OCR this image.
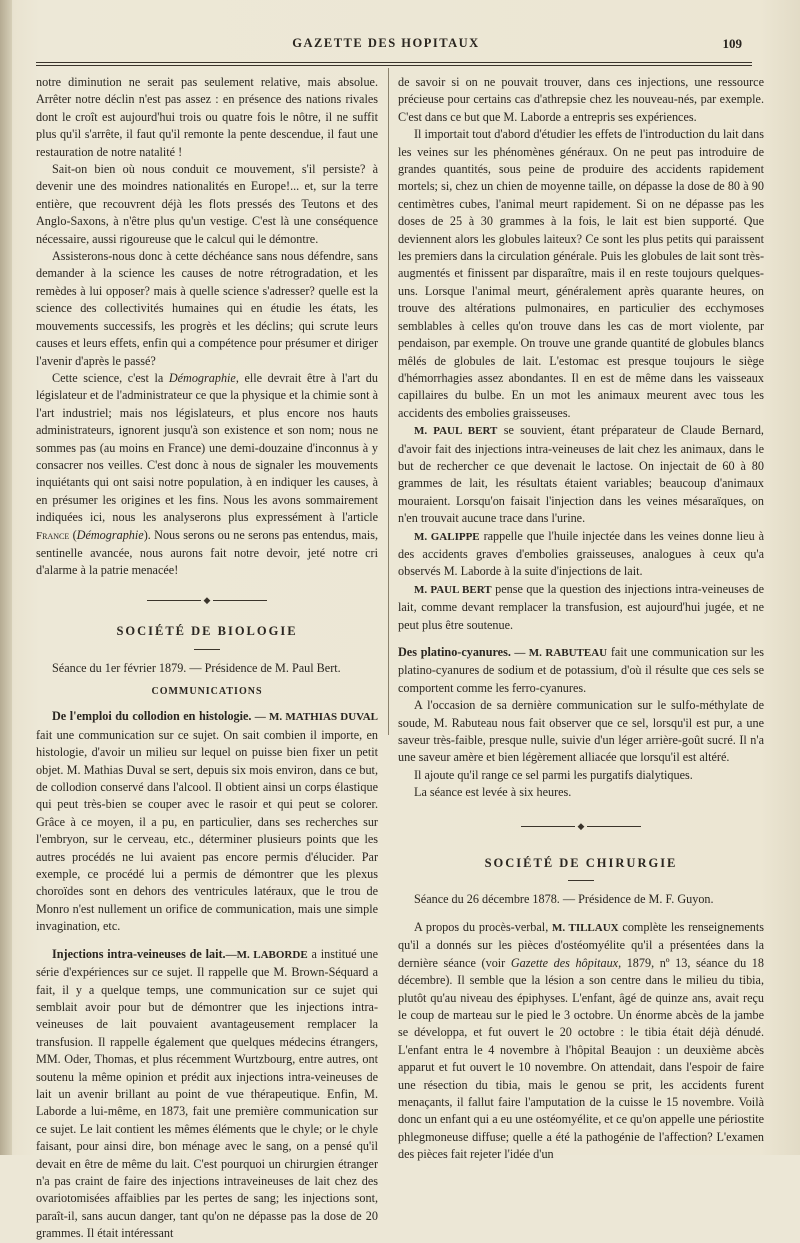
GAZETTE DES HOPITAUX	109

notre diminution ne serait pas seulement relative, mais absolue. Arrêter notre déclin n'est pas assez : en présence des nations rivales dont le croît est aujourd'hui trois ou quatre fois le nôtre, il ne suffit plus qu'il s'arrête, il faut qu'il remonte la pente descendue, il faut une restauration de notre natalité !

Sait-on bien où nous conduit ce mouvement, s'il persiste? à devenir une des moindres nationalités en Europe!... et, sur la terre entière, que recouvrent déjà les flots pressés des Teutons et des Anglo-Saxons, à n'être plus qu'un vestige. C'est là une conséquence nécessaire, aussi rigoureuse que le calcul qui le démontre.

Assisterons-nous donc à cette déchéance sans nous défendre, sans demander à la science les causes de notre rétrogradation, et les remèdes à lui opposer? mais à quelle science s'adresser? quelle est la science des collectivités humaines qui en étudie les états, les mouvements successifs, les progrès et les déclins; qui scrute leurs causes et leurs effets, enfin qui a compétence pour présumer et diriger l'avenir d'après le passé?

Cette science, c'est la Démographie, elle devrait être à l'art du législateur et de l'administrateur ce que la physique et la chimie sont à l'art industriel; mais nos législateurs, et plus encore nos hauts administrateurs, ignorent jusqu'à son existence et son nom; nous ne sommes pas (au moins en France) une demi-douzaine d'inconnus à y consacrer nos veilles. C'est donc à nous de signaler les mouvements inquiétants qui ont saisi notre population, à en indiquer les causes, à en présumer les origines et les fins. Nous les avons sommairement indiquées ici, nous les analyserons plus expressément à l'article France (Démographie). Nous serons ou ne serons pas entendus, mais, sentinelle avancée, nous aurons fait notre devoir, jeté notre cri d'alarme à la patrie menacée!

◆
SOCIÉTÉ DE BIOLOGIE

Séance du 1er février 1879. — Présidence de M. Paul Bert.

COMMUNICATIONS

De l'emploi du collodion en histologie. — M. MATHIAS DUVAL fait une communication sur ce sujet. On sait combien il importe, en histologie, d'avoir un milieu sur lequel on puisse bien fixer un petit objet. M. Mathias Duval se sert, depuis six mois environ, dans ce but, de collodion conservé dans l'alcool. Il obtient ainsi un corps élastique qui peut très-bien se couper avec le rasoir et qui peut se colorer. Grâce à ce moyen, il a pu, en particulier, dans ses recherches sur l'embryon, sur le cerveau, etc., déterminer plusieurs points que les autres procédés ne lui avaient pas encore permis d'élucider. Par exemple, ce procédé lui a permis de démontrer que les plexus choroïdes sont en dehors des ventricules latéraux, que le trou de Monro n'est nullement un orifice de communication, mais une simple invagination, etc.

Injections intra-veineuses de lait.—M. LABORDE a institué une série d'expériences sur ce sujet. Il rappelle que M. Brown-Séquard a fait, il y a quelque temps, une communication sur ce sujet qui semblait avoir pour but de démontrer que les injections intra-veineuses de lait pouvaient avantageusement remplacer la transfusion. Il rappelle également que quelques médecins étrangers, MM. Oder, Thomas, et plus récemment Wurtzbourg, entre autres, ont soutenu la même opinion et prédit aux injections intra-veineuses de lait un avenir brillant au point de vue thérapeutique. Enfin, M. Laborde a lui-même, en 1873, fait une première communication sur ce sujet. Le lait contient les mêmes éléments que le chyle; or le chyle faisant, pour ainsi dire, bon ménage avec le sang, on a pensé qu'il devait en être de même du lait. C'est pourquoi un chirurgien étranger n'a pas craint de faire des injections intraveineuses de lait chez des ovariotomisées affaiblies par les pertes de sang; les injections sont, paraît-il, sans aucun danger, tant qu'on ne dépasse pas la dose de 20 grammes. Il était intéressant

de savoir si on ne pouvait trouver, dans ces injections, une ressource précieuse pour certains cas d'athrepsie chez les nouveau-nés, par exemple. C'est dans ce but que M. Laborde a entrepris ses expériences.

Il importait tout d'abord d'étudier les effets de l'introduction du lait dans les veines sur les phénomènes généraux. On ne peut pas introduire de grandes quantités, sous peine de produire des accidents rapidement mortels; si, chez un chien de moyenne taille, on dépasse la dose de 80 à 90 centimètres cubes, l'animal meurt rapidement. Si on ne dépasse pas les doses de 25 à 30 grammes à la fois, le lait est bien supporté. Que deviennent alors les globules laiteux? Ce sont les plus petits qui paraissent les premiers dans la circulation générale. Puis les globules de lait sont très-augmentés et finissent par disparaître, mais il en reste toujours quelques-uns. Lorsque l'animal meurt, généralement après quarante heures, on trouve des altérations pulmonaires, en particulier des ecchymoses semblables à celles qu'on trouve dans les cas de mort violente, par pendaison, par exemple. On trouve une grande quantité de globules blancs mêlés de globules de lait. L'estomac est presque toujours le siège d'hémorrhagies assez abondantes. Il en est de même dans les vaisseaux capillaires du bulbe. En un mot les animaux meurent avec tous les accidents des embolies graisseuses.

M. PAUL BERT se souvient, étant préparateur de Claude Bernard, d'avoir fait des injections intra-veineuses de lait chez les animaux, dans le but de rechercher ce que devenait le lactose. On injectait de 60 à 80 grammes de lait, les résultats étaient variables; beaucoup d'animaux mouraient. Lorsqu'on faisait l'injection dans les veines mésaraïques, on n'en trouvait aucune trace dans l'urine.

M. GALIPPE rappelle que l'huile injectée dans les veines donne lieu à des accidents graves d'embolies graisseuses, analogues à ceux qu'a observés M. Laborde à la suite d'injections de lait.

M. PAUL BERT pense que la question des injections intra-veineuses de lait, comme devant remplacer la transfusion, est aujourd'hui jugée, et ne peut plus être soutenue.

Des platino-cyanures. — M. RABUTEAU fait une communication sur les platino-cyanures de sodium et de potassium, d'où il résulte que ces sels se comportent comme les ferro-cyanures.

A l'occasion de sa dernière communication sur le sulfo-méthylate de soude, M. Rabuteau nous fait observer que ce sel, lorsqu'il est pur, a une saveur très-faible, presque nulle, suivie d'un léger arrière-goût sucré. Il n'a une saveur amère et bien légèrement alliacée que lorsqu'il est altéré.

Il ajoute qu'il range ce sel parmi les purgatifs dialytiques.

La séance est levée à six heures.

◆
SOCIÉTÉ DE CHIRURGIE

Séance du 26 décembre 1878. — Présidence de M. F. Guyon.

A propos du procès-verbal, M. TILLAUX complète les renseignements qu'il a donnés sur les pièces d'ostéomyélite qu'il a présentées dans la dernière séance (voir Gazette des hôpitaux, 1879, nº 13, séance du 18 décembre). Il semble que la lésion a son centre dans le milieu du tibia, plutôt qu'au niveau des épiphyses. L'enfant, âgé de quinze ans, avait reçu le coup de marteau sur le pied le 3 octobre. Un énorme abcès de la jambe se développa, et fut ouvert le 20 octobre : le tibia était déjà dénudé. L'enfant entra le 4 novembre à l'hôpital Beaujon : un deuxième abcès apparut et fut ouvert le 10 novembre. On attendait, dans l'espoir de faire une résection du tibia, mais le genou se prit, les accidents furent menaçants, il fallut faire l'amputation de la cuisse le 15 novembre. Voilà donc un enfant qui a eu une ostéomyélite, et ce qu'on appelle une périostite phlegmoneuse diffuse; quelle a été la pathogénie de l'affection? L'examen des pièces fait rejeter l'idée d'un
